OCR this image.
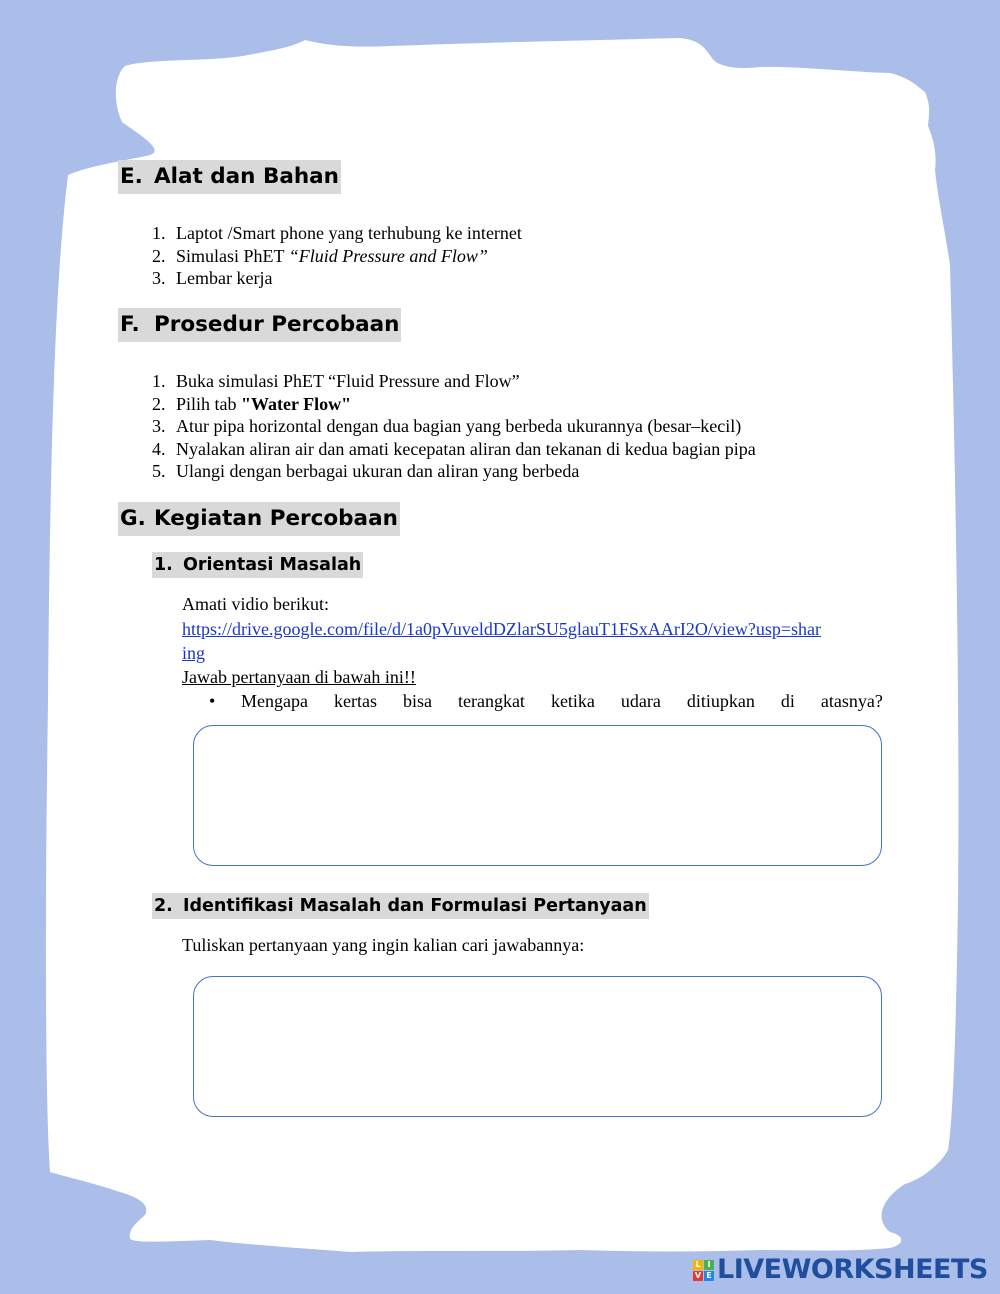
E. Alat dan Bahan
1. Laptot /Smart phone yang terhubung ke internet
2. Simulasi PhET “Fluid Pressure and Flow”
3. Lembar kerja
F. Prosedur Percobaan
1. Buka simulasi PhET “Fluid Pressure and Flow”
2. Pilih tab "Water Flow"
3. Atur pipa horizontal dengan dua bagian yang berbeda ukurannya (besar–kecil)
4. Nyalakan aliran air dan amati kecepatan aliran dan tekanan di kedua bagian pipa
5. Ulangi dengan berbagai ukuran dan aliran yang berbeda
G. Kegiatan Percobaan
1. Orientasi Masalah
Amati vidio berikut:
https://drive.google.com/file/d/1a0pVuveldDZlarSU5glauT1FSxAArI2O/view?usp=shar
ing
Jawab pertanyaan di bawah ini!!
•	Mengapa kertas bisa terangkat ketika udara ditiupkan di atasnya?
2. Identifikasi Masalah dan Formulasi Pertanyaan
Tuliskan pertanyaan yang ingin kalian cari jawabannya:
L I
V E LIVEWORKSHEETS
